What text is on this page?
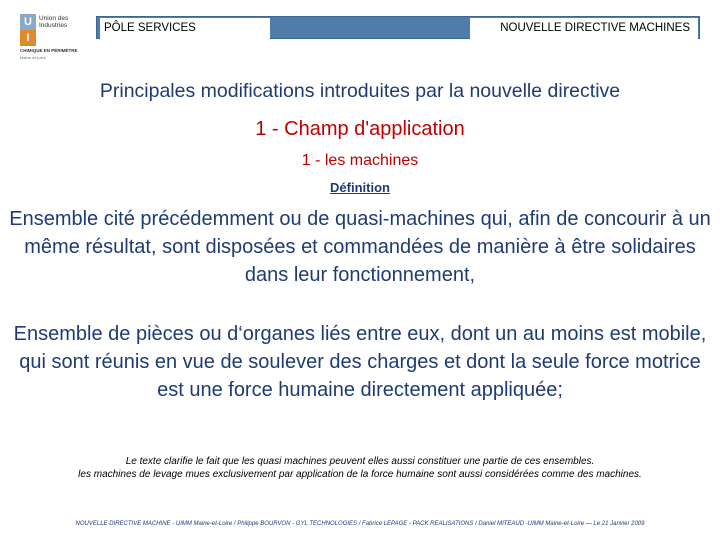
U
I
Union des Industries
CHIMIQUE EN PÉRIMÈTRE
Maine-et-Loire
PÔLE SERVICES	NOUVELLE DIRECTIVE MACHINES
Principales modifications introduites par la nouvelle directive
1 - Champ d'application
1 - les machines
Définition
Ensemble cité précédemment ou de quasi-machines qui, afin de concourir à un même résultat, sont disposées et commandées de manière à être solidaires dans leur fonctionnement,
Ensemble de pièces ou d‘organes liés entre eux, dont un au moins est mobile, qui sont réunis en vue de soulever des charges et dont la seule force motrice est une force humaine directement appliquée;
Le texte clarifie le fait que les quasi machines peuvent elles aussi constituer une partie de ces ensembles.
les machines de levage mues exclusivement par application de la force humaine sont aussi considérées comme des machines.
NOUVELLE DIRECTIVE MACHINE - UIMM Maine-et-Loire / Philippe BOURVON - GYL TECHNOLOGIES / Fabrice LEPAGE - PACK REALISATIONS / Daniel MITEAUD -UIMM Maine-et-Loire — Le 21 Janvier 2009
